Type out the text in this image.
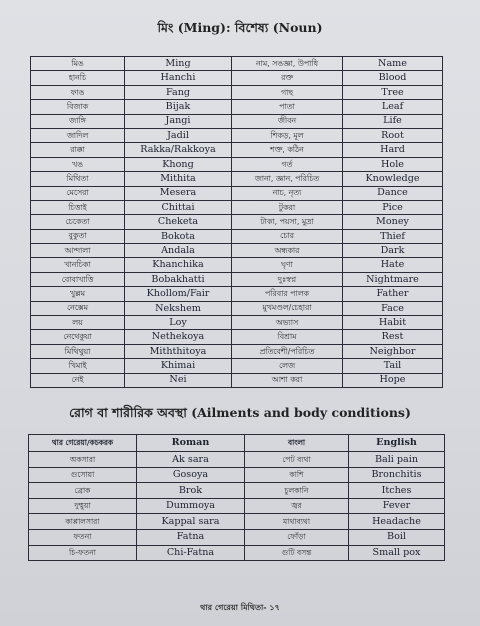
মিং (Ming): বিশেষ্য (Noun)
মিঙ	Ming	নাম, সঙজ্ঞা, উপাধি	Name
হানচি	Hanchi	রক্ত	Blood
ফাঙ	Fang	গাছ	Tree
বিজাক	Bijak	পাতা	Leaf
জাঙ্গি	Jangi	জীবন	Life
জাদিল	Jadil	শিকড়, মূল	Root
রাক্কা	Rakka/Rakkoya	শক্ত, কঠিন	Hard
খঙ	Khong	গর্ত	Hole
মিথিতা	Mithita	জানা, জ্ঞান, পরিচিত	Knowledge
মেসেরা	Mesera	নাচ, নৃত্য	Dance
চিত্তাই	Chittai	টুকরা	Pice
চেকেতা	Cheketa	টাকা, পয়সা, মুদ্রা	Money
বুকুতা	Bokota	চোর	Thief
আন্দালা	Andala	অন্ধকার	Dark
খানচিকা	Khanchika	ঘৃণা	Hate
বোবাখাত্তি	Bobakhatti	দুঃস্বপ্ন	Nightmare
খুল্লম	Khollom/Fair	পরিবার পালক	Father
নেক্সেম	Nekshem	মুখমণ্ডল/চেহারা	Face
লয়	Loy	অভ্যাস	Habit
নেথেকুয়া	Nethekoya	বিশ্রাম	Rest
মিথিথুয়া	Miththitoya	প্রতিবেশী/পরিচিত	Neighbor
খিমাই	Khimai	লেজ	Tail
নেই	Nei	আশা করা	Hope
রোগ বা শারীরিক অবস্থা (Ailments and body conditions)
থার গেরেয়া/কচকরক	Roman	বাংলা	English
অকসারা	Ak sara	পেট ব্যথা	Bali pain
গুসোয়া	Gosoya	কাশি	Bronchitis
ব্রোক	Brok	চুলকানি	Itches
দুম্মুয়া	Dummoya	জ্বর	Fever
কাপ্পালসারা	Kappal sara	মাথাব্যথা	Headache
ফতনা	Fatna	ফোঁড়া	Boil
চি-ফতনা	Chi-Fatna	গুটি বসন্ত	Small pox
থার গেরেয়া মিথিতা- ১৭
